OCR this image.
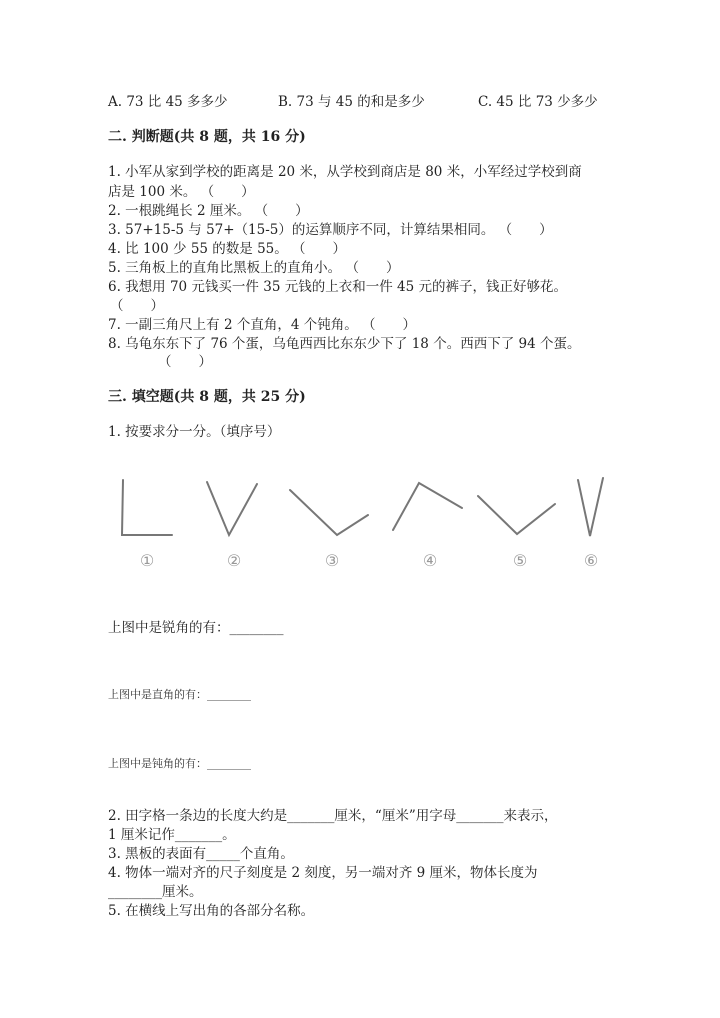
A. 73 比 45 多多少	B. 73 与 45 的和是多少	C. 45 比 73 少多少
二. 判断题(共 8 题，共 16 分)
1. 小军从家到学校的距离是 20 米，从学校到商店是 80 米，小军经过学校到商
店是 100 米。 （　　）
2. 一根跳绳长 2 厘米。 （　　）
3. 57+15-5 与 57+（15-5）的运算顺序不同，计算结果相同。 （　　）
4. 比 100 少 55 的数是 55。 （　　）
5. 三角板上的直角比黑板上的直角小。 （　　）
6. 我想用 70 元钱买一件 35 元钱的上衣和一件 45 元的裤子，钱正好够花。
（　　）
7. 一副三角尺上有 2 个直角，4 个钝角。 （　　）
8. 乌龟东东下了 76 个蛋，乌龟西西比东东少下了 18 个。西西下了 94 个蛋。
（　　）
三. 填空题(共 8 题，共 25 分)
1. 按要求分一分。（填序号）
①	②	③	④	⑤	⑥
上图中是锐角的有：________
上图中是直角的有：________
上图中是钝角的有：________
2. 田字格一条边的长度大约是_______厘米，“厘米”用字母_______来表示，
1 厘米记作_______。
3. 黑板的表面有_____个直角。
4. 物体一端对齐的尺子刻度是 2 刻度，另一端对齐 9 厘米，物体长度为
________厘米。
5. 在横线上写出角的各部分名称。
